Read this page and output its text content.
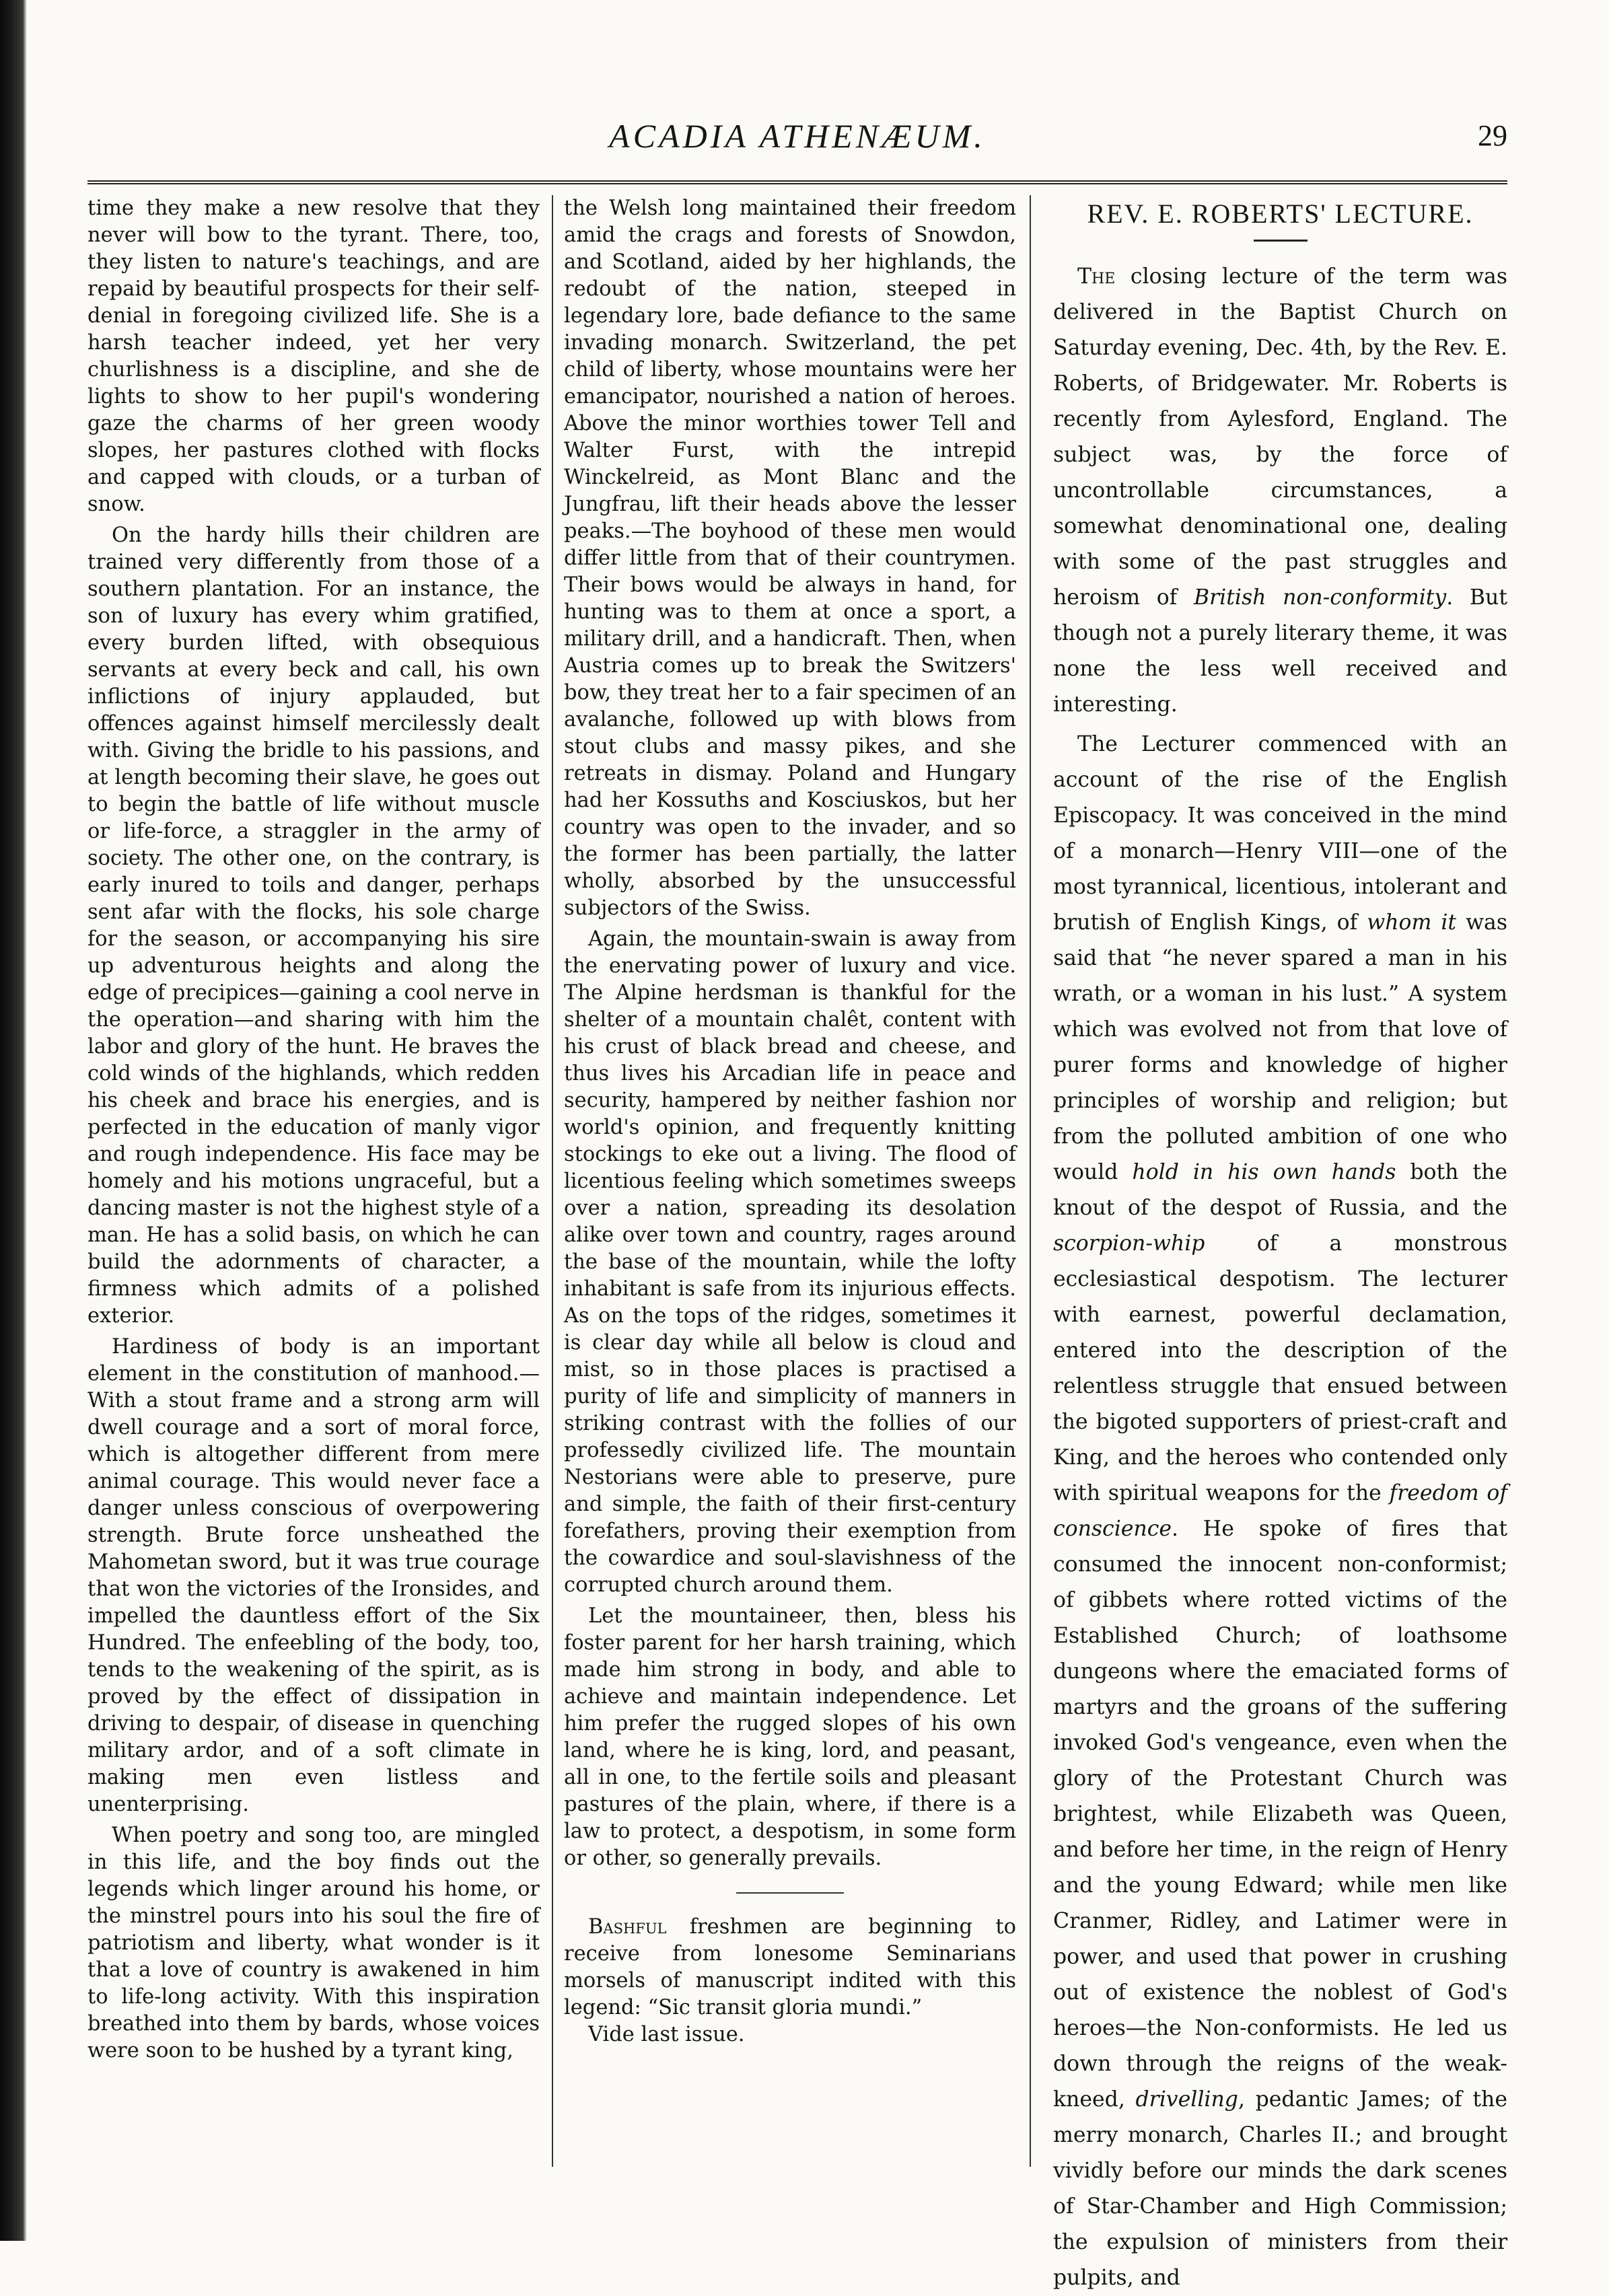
ACADIA ATHENÆUM.	29

time they make a new resolve that they never will bow to the tyrant. There, too, they listen to nature's teachings, and are repaid by beautiful prospects for their self-denial in foregoing civilized life. She is a harsh teacher indeed, yet her very churlishness is a discipline, and she de lights to show to her pupil's wondering gaze the charms of her green woody slopes, her pastures clothed with flocks and capped with clouds, or a turban of snow.

On the hardy hills their children are trained very differently from those of a southern plantation. For an instance, the son of luxury has every whim gratified, every burden lifted, with obsequious servants at every beck and call, his own inflictions of injury applauded, but offences against himself mercilessly dealt with. Giving the bridle to his passions, and at length becoming their slave, he goes out to begin the battle of life without muscle or life-force, a straggler in the army of society. The other one, on the contrary, is early inured to toils and danger, perhaps sent afar with the flocks, his sole charge for the season, or accompanying his sire up adventurous heights and along the edge of precipices—gaining a cool nerve in the operation—and sharing with him the labor and glory of the hunt. He braves the cold winds of the highlands, which redden his cheek and brace his energies, and is perfected in the education of manly vigor and rough independence. His face may be homely and his motions ungraceful, but a dancing master is not the highest style of a man. He has a solid basis, on which he can build the adornments of character, a firmness which admits of a polished exterior.

Hardiness of body is an important element in the constitution of manhood.—With a stout frame and a strong arm will dwell courage and a sort of moral force, which is altogether different from mere animal courage. This would never face a danger unless conscious of overpowering strength. Brute force unsheathed the Mahometan sword, but it was true courage that won the victories of the Ironsides, and impelled the dauntless effort of the Six Hundred. The enfeebling of the body, too, tends to the weakening of the spirit, as is proved by the effect of dissipation in driving to despair, of disease in quenching military ardor, and of a soft climate in making men even listless and unenterprising.

When poetry and song too, are mingled in this life, and the boy finds out the legends which linger around his home, or the minstrel pours into his soul the fire of patriotism and liberty, what wonder is it that a love of country is awakened in him to life-long activity. With this inspiration breathed into them by bards, whose voices were soon to be hushed by a tyrant king,

the Welsh long maintained their freedom amid the crags and forests of Snowdon, and Scotland, aided by her highlands, the redoubt of the nation, steeped in legendary lore, bade defiance to the same invading monarch. Switzerland, the pet child of liberty, whose mountains were her emancipator, nourished a nation of heroes. Above the minor worthies tower Tell and Walter Furst, with the intrepid Winckelreid, as Mont Blanc and the Jungfrau, lift their heads above the lesser peaks.—The boyhood of these men would differ little from that of their countrymen. Their bows would be always in hand, for hunting was to them at once a sport, a military drill, and a handicraft. Then, when Austria comes up to break the Switzers' bow, they treat her to a fair specimen of an avalanche, followed up with blows from stout clubs and massy pikes, and she retreats in dismay. Poland and Hungary had her Kossuths and Kosciuskos, but her country was open to the invader, and so the former has been partially, the latter wholly, absorbed by the unsuccessful subjectors of the Swiss.

Again, the mountain-swain is away from the enervating power of luxury and vice. The Alpine herdsman is thankful for the shelter of a mountain chalêt, content with his crust of black bread and cheese, and thus lives his Arcadian life in peace and security, hampered by neither fashion nor world's opinion, and frequently knitting stockings to eke out a living. The flood of licentious feeling which sometimes sweeps over a nation, spreading its desolation alike over town and country, rages around the base of the mountain, while the lofty inhabitant is safe from its injurious effects. As on the tops of the ridges, sometimes it is clear day while all below is cloud and mist, so in those places is practised a purity of life and simplicity of manners in striking contrast with the follies of our professedly civilized life. The mountain Nestorians were able to preserve, pure and simple, the faith of their first-century forefathers, proving their exemption from the cowardice and soul-slavishness of the corrupted church around them.

Let the mountaineer, then, bless his foster parent for her harsh training, which made him strong in body, and able to achieve and maintain independence. Let him prefer the rugged slopes of his own land, where he is king, lord, and peasant, all in one, to the fertile soils and pleasant pastures of the plain, where, if there is a law to protect, a despotism, in some form or other, so generally prevails.

Bashful freshmen are beginning to receive from lonesome Seminarians morsels of manuscript indited with this legend: “Sic transit gloria mundi.”

Vide last issue.

REV. E. ROBERTS' LECTURE.

The closing lecture of the term was delivered in the Baptist Church on Saturday evening, Dec. 4th, by the Rev. E. Roberts, of Bridgewater. Mr. Roberts is recently from Aylesford, England. The subject was, by the force of uncontrollable circumstances, a somewhat denominational one, dealing with some of the past struggles and heroism of British non-conformity. But though not a purely literary theme, it was none the less well received and interesting.

The Lecturer commenced with an account of the rise of the English Episcopacy. It was conceived in the mind of a monarch—Henry VIII—one of the most tyrannical, licentious, intolerant and brutish of English Kings, of whom it was said that “he never spared a man in his wrath, or a woman in his lust.” A system which was evolved not from that love of purer forms and knowledge of higher principles of worship and religion; but from the polluted ambition of one who would hold in his own hands both the knout of the despot of Russia, and the scorpion-whip of a monstrous ecclesiastical despotism. The lecturer with earnest, powerful declamation, entered into the description of the relentless struggle that ensued between the bigoted supporters of priest-craft and King, and the heroes who contended only with spiritual weapons for the freedom of conscience. He spoke of fires that consumed the innocent non-conformist; of gibbets where rotted victims of the Established Church; of loathsome dungeons where the emaciated forms of martyrs and the groans of the suffering invoked God's vengeance, even when the glory of the Protestant Church was brightest, while Elizabeth was Queen, and before her time, in the reign of Henry and the young Edward; while men like Cranmer, Ridley, and Latimer were in power, and used that power in crushing out of existence the noblest of God's heroes—the Non-conformists. He led us down through the reigns of the weak-kneed, drivelling, pedantic James; of the merry monarch, Charles II.; and brought vividly before our minds the dark scenes of Star-Chamber and High Commission; the expulsion of ministers from their pulpits, and
